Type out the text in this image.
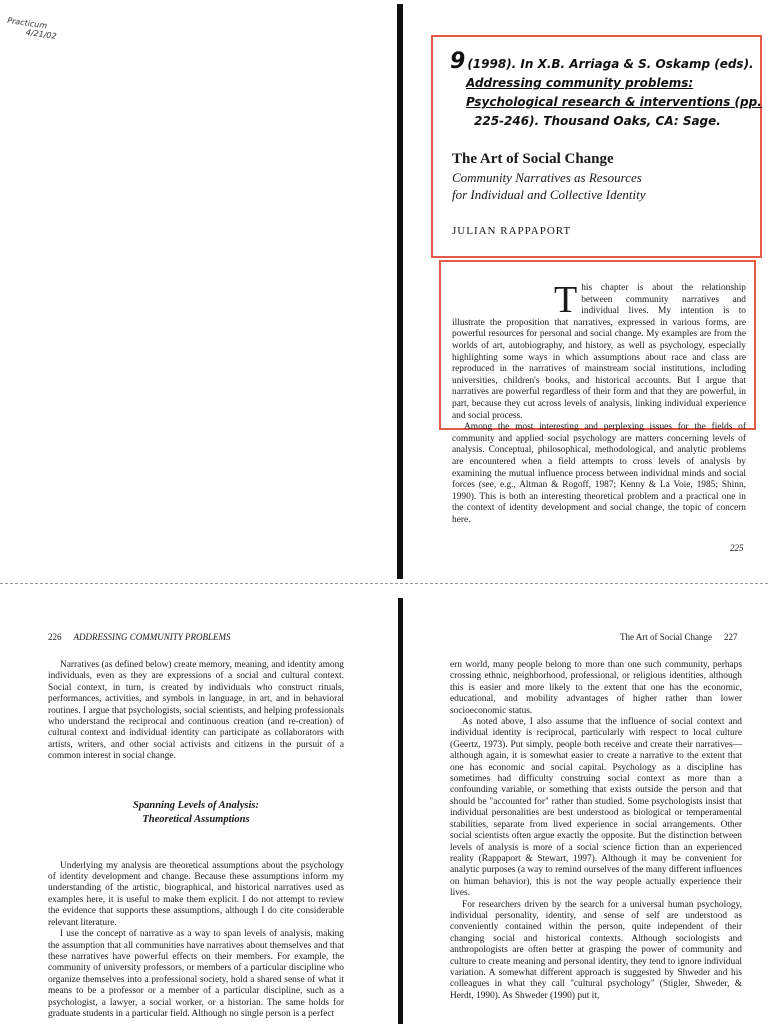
Practicum
4/21/02
9 (1998). In X.B. Arriaga & S. Oskamp (eds).
Addressing community problems:
Psychological research & interventions (pp.
225-246). Thousand Oaks, CA: Sage.
The Art of Social Change
Community Narratives as Resources
for Individual and Collective Identity
JULIAN RAPPAPORT

This chapter is about the relationship between community narratives and individual lives. My intention is to illustrate the proposition that narratives, expressed in various forms, are powerful resources for personal and social change. My examples are from the worlds of art, autobiography, and history, as well as psychology, especially highlighting some ways in which assumptions about race and class are reproduced in the narratives of mainstream social institutions, including universities, children's books, and historical accounts. But I argue that narratives are powerful regardless of their form and that they are powerful, in part, because they cut across levels of analysis, linking individual experience and social process.

Among the most interesting and perplexing issues for the fields of community and applied social psychology are matters concerning levels of analysis. Conceptual, philosophical, methodological, and analytic problems are encountered when a field attempts to cross levels of analysis by examining the mutual influence process between individual minds and social forces (see, e.g., Altman & Rogoff, 1987; Kenny & La Voie, 1985; Shinn, 1990). This is both an interesting theoretical problem and a practical one in the context of identity development and social change, the topic of concern here.

225
226 ADDRESSING COMMUNITY PROBLEMS

Narratives (as defined below) create memory, meaning, and identity among individuals, even as they are expressions of a social and cultural context. Social context, in turn, is created by individuals who construct rituals, performances, activities, and symbols in language, in art, and in behavioral routines. I argue that psychologists, social scientists, and helping professionals who understand the reciprocal and continuous creation (and re-creation) of cultural context and individual identity can participate as collaborators with artists, writers, and other social activists and citizens in the pursuit of a common interest in social change.

Spanning Levels of Analysis:
Theoretical Assumptions

Underlying my analysis are theoretical assumptions about the psychology of identity development and change. Because these assumptions inform my understanding of the artistic, biographical, and historical narratives used as examples here, it is useful to make them explicit. I do not attempt to review the evidence that supports these assumptions, although I do cite considerable relevant literature.

I use the concept of narrative as a way to span levels of analysis, making the assumption that all communities have narratives about themselves and that these narratives have powerful effects on their members. For example, the community of university professors, or members of a particular discipline who organize themselves into a professional society, hold a shared sense of what it means to be a professor or a member of a particular discipline, such as a psychologist, a lawyer, a social worker, or a historian. The same holds for graduate students in a particular field. Although no single person is a perfect

The Art of Social Change 227

ern world, many people belong to more than one such community, perhaps crossing ethnic, neighborhood, professional, or religious identities, although this is easier and more likely to the extent that one has the economic, educational, and mobility advantages of higher rather than lower socioeconomic status.

As noted above, I also assume that the influence of social context and individual identity is reciprocal, particularly with respect to local culture (Geertz, 1973). Put simply, people both receive and create their narratives—although again, it is somewhat easier to create a narrative to the extent that one has economic and social capital. Psychology as a discipline has sometimes had difficulty construing social context as more than a confounding variable, or something that exists outside the person and that should be "accounted for" rather than studied. Some psychologists insist that individual personalities are best understood as biological or temperamental stabilities, separate from lived experience in social arrangements. Other social scientists often argue exactly the opposite. But the distinction between levels of analysis is more of a social science fiction than an experienced reality (Rappaport & Stewart, 1997). Although it may be convenient for analytic purposes (a way to remind ourselves of the many different influences on human behavior), this is not the way people actually experience their lives.

For researchers driven by the search for a universal human psychology, individual personality, identity, and sense of self are understood as conveniently contained within the person, quite independent of their changing social and historical contexts. Although sociologists and anthropologists are often better at grasping the power of community and culture to create meaning and personal identity, they tend to ignore individual variation. A somewhat different approach is suggested by Shweder and his colleagues in what they call "cultural psychology" (Stigler, Shweder, & Herdt, 1990). As Shweder (1990) put it,
